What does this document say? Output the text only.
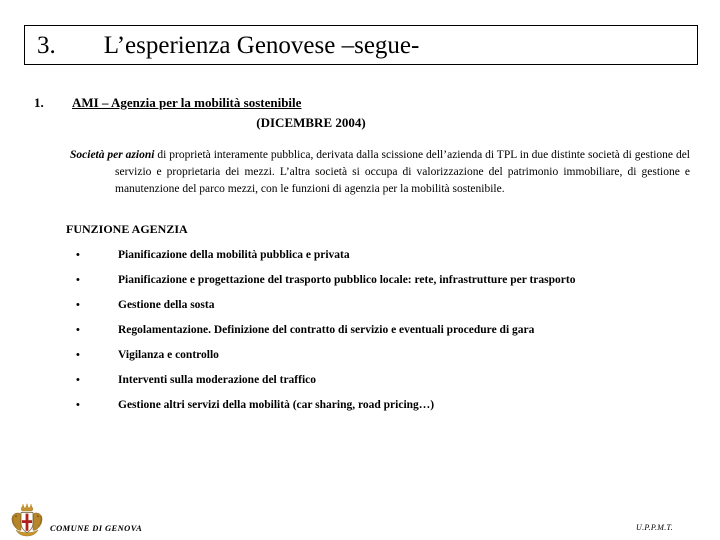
3.	L’esperienza Genovese –segue-
1.	AMI – Agenzia per la mobilità sostenibile
(DICEMBRE 2004)
Società per azioni di proprietà interamente pubblica, derivata dalla scissione dell’azienda di TPL in due distinte società di gestione del servizio e proprietaria dei mezzi. L’altra società si occupa di valorizzazione del patrimonio immobiliare, di gestione e manutenzione del parco mezzi, con le funzioni di agenzia per la mobilità sostenibile.
FUNZIONE AGENZIA
•	Pianificazione della mobilità pubblica e privata
•	Pianificazione e progettazione del trasporto pubblico locale: rete, infrastrutture per trasporto
•	Gestione della sosta
•	Regolamentazione. Definizione del contratto di servizio e eventuali procedure di gara
•	Vigilanza e controllo
•	Interventi sulla moderazione del traffico
•	Gestione altri servizi della mobilità (car sharing, road pricing…)
COMUNE DI GENOVA	U.P.P.M.T.
